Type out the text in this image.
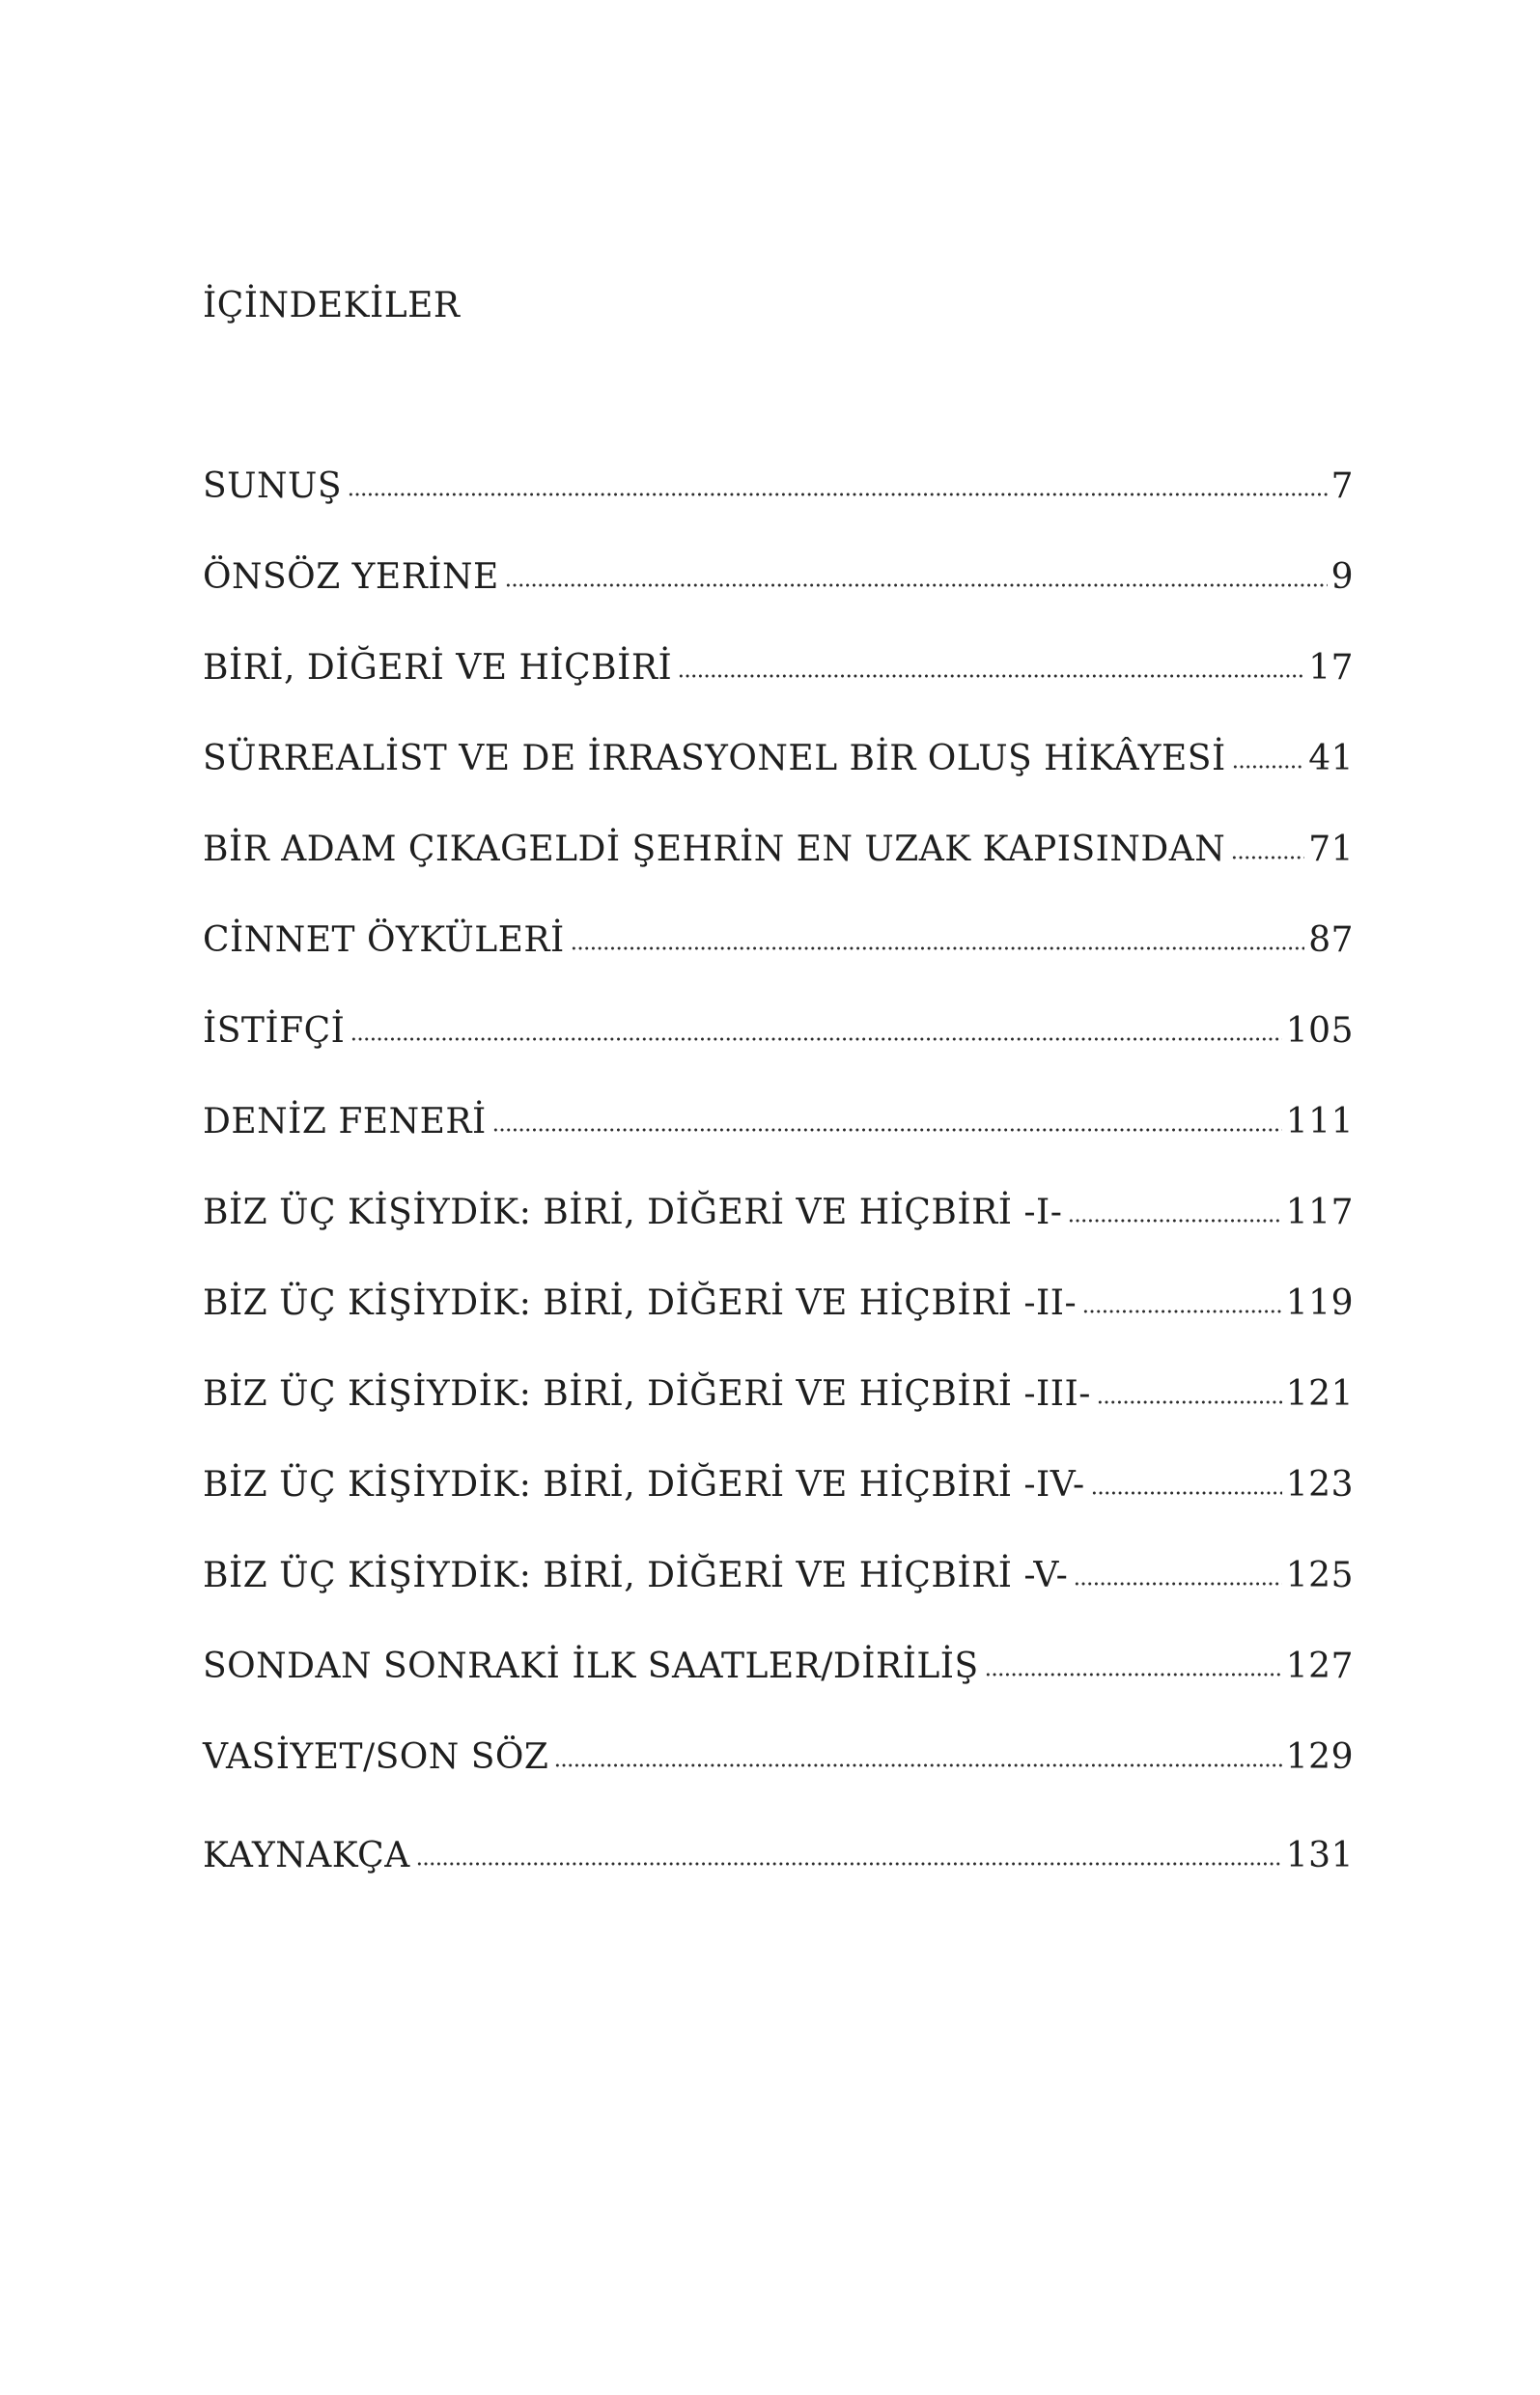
İÇİNDEKİLER
SUNUŞ	7
ÖNSÖZ YERİNE	9
BİRİ, DİĞERİ VE HİÇBİRİ	17
SÜRREALİST VE DE İRRASYONEL BİR OLUŞ HİKÂYESİ 41
BİR ADAM ÇIKAGELDİ ŞEHRİN EN UZAK KAPISINDAN 71
CİNNET ÖYKÜLERİ	87
İSTİFÇİ	105
DENİZ FENERİ	111
BİZ ÜÇ KİŞİYDİK: BİRİ, DİĞERİ VE HİÇBİRİ -I-	117
BİZ ÜÇ KİŞİYDİK: BİRİ, DİĞERİ VE HİÇBİRİ -II-	119
BİZ ÜÇ KİŞİYDİK: BİRİ, DİĞERİ VE HİÇBİRİ -III-	121
BİZ ÜÇ KİŞİYDİK: BİRİ, DİĞERİ VE HİÇBİRİ -IV-	123
BİZ ÜÇ KİŞİYDİK: BİRİ, DİĞERİ VE HİÇBİRİ -V-	125
SONDAN SONRAKİ İLK SAATLER/DİRİLİŞ	127
VASİYET/SON SÖZ	129
KAYNAKÇA	131
